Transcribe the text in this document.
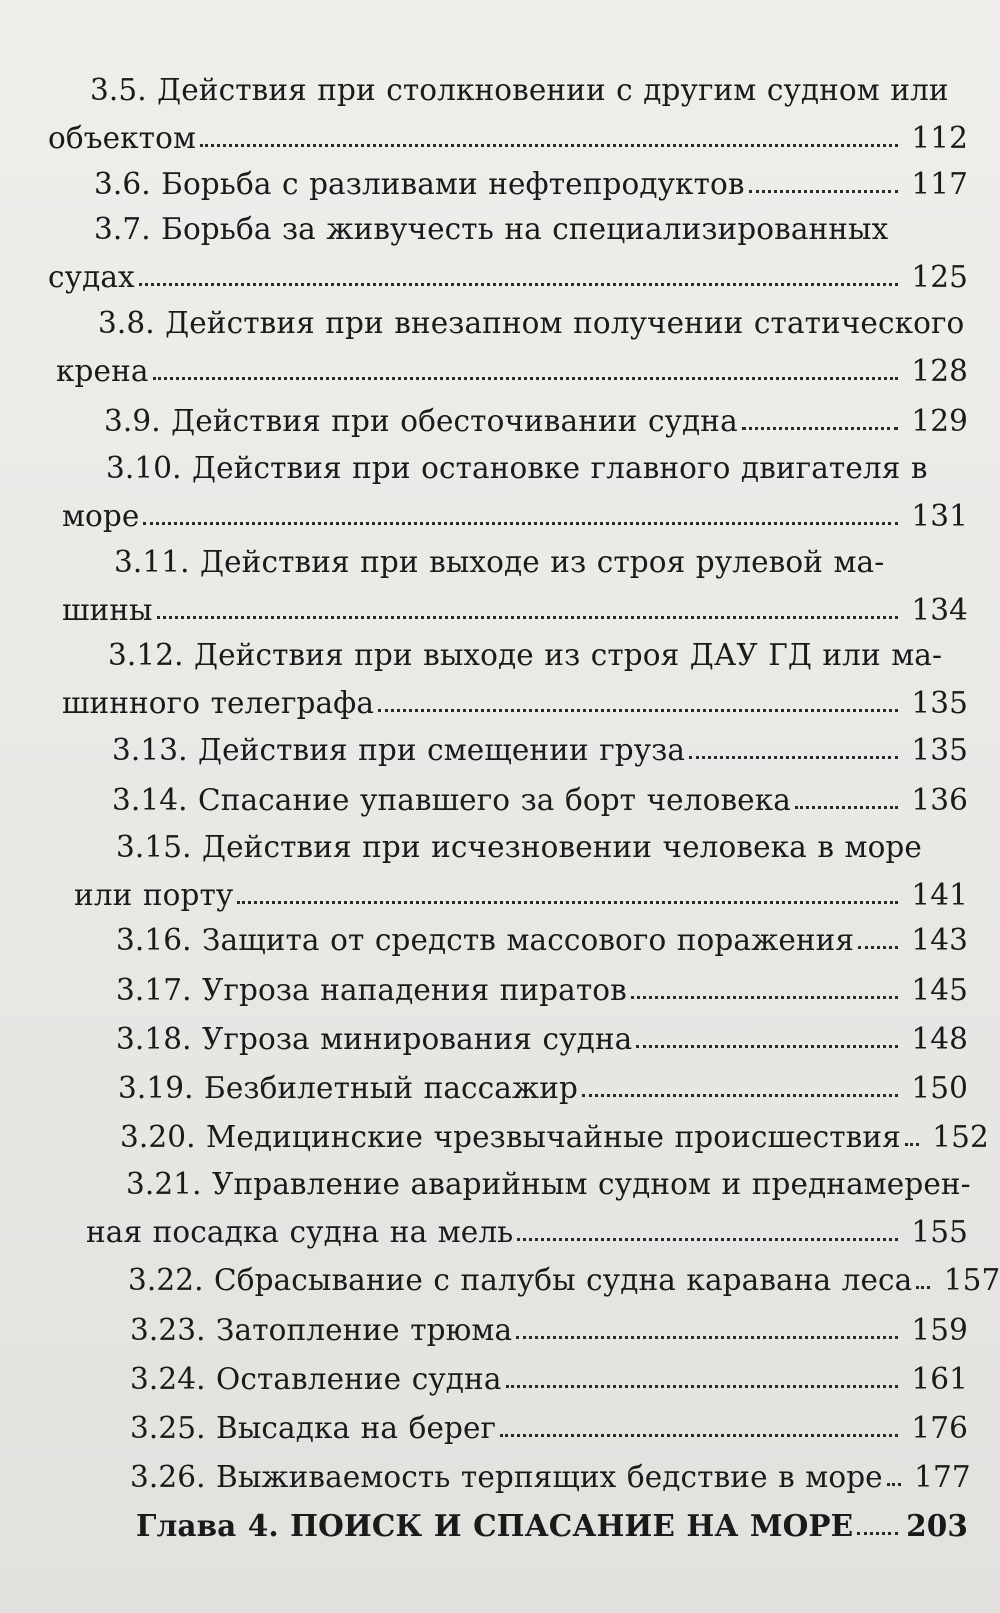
3.5. Действия при столкновении с другим судном или
объектом	112
3.6. Борьба с разливами нефтепродуктов	117
3.7. Борьба за живучесть на специализированных
судах	125
3.8. Действия при внезапном получении статического
крена	128
3.9. Действия при обесточивании судна	129
3.10. Действия при остановке главного двигателя в
море	131
3.11. Действия при выходе из строя рулевой ма-
шины	134
3.12. Действия при выходе из строя ДАУ ГД или ма-
шинного телеграфа	135
3.13. Действия при смещении груза	135
3.14. Спасание упавшего за борт человека	136
3.15. Действия при исчезновении человека в море
или порту	141
3.16. Защита от средств массового поражения 143
3.17. Угроза нападения пиратов	145
3.18. Угроза минирования судна	148
3.19. Безбилетный пассажир	150
3.20. Медицинские чрезвычайные происшествия 152
3.21. Управление аварийным судном и преднамерен-
ная посадка судна на мель	155
3.22. Сбрасывание с палубы судна каравана леса 157
3.23. Затопление трюма	159
3.24. Оставление судна	161
3.25. Высадка на берег	176
3.26. Выживаемость терпящих бедствие в море 177
Глава 4. ПОИСК И СПАСАНИЕ НА МОРЕ 203
